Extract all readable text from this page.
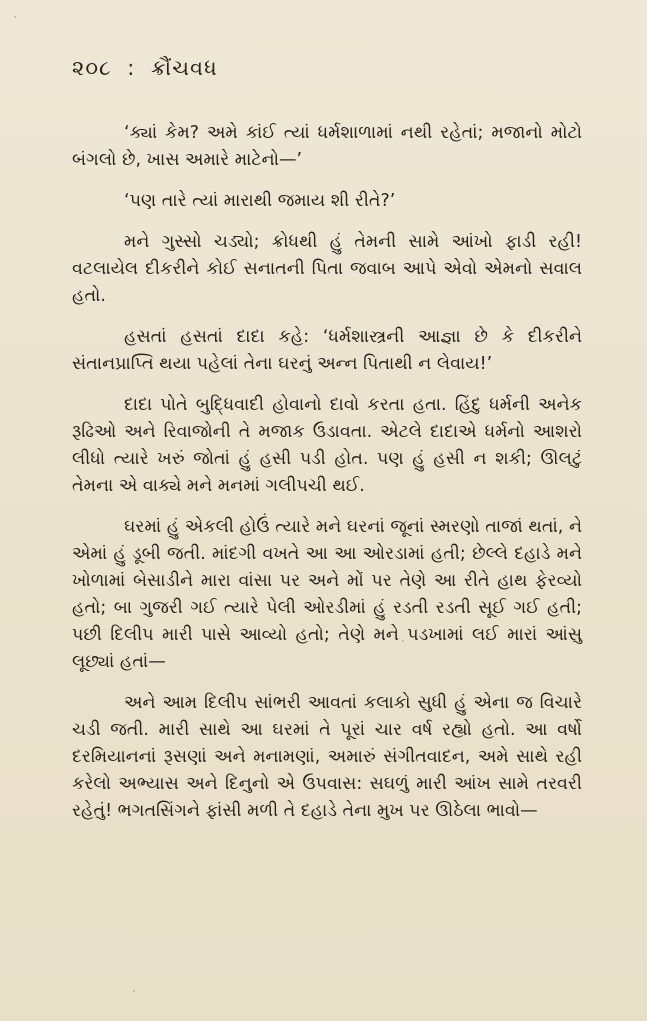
૨૦૮ : ક્રૌંચવધ

‘ક્યાં કેમ? અમે કાંઈ ત્યાં ધર્મશાળામાં નથી રહેતાં; મજાનો મોટો બંગલો છે, ખાસ અમારે માટેનો—’

‘પણ તારે ત્યાં મારાથી જમાય શી રીતે?’

મને ગુસ્સો ચડ્યો; ક્રોધથી હું તેમની સામે આંખો ફાડી રહી! વટલાયેલ દીકરીને કોઈ સનાતની પિતા જવાબ આપે એવો એમનો સવાલ હતો.

હસતાં હસતાં દાદા કહે: ‘ધર્મશાસ્ત્રની આજ્ઞા છે કે દીકરીને સંતાનપ્રાપ્તિ થયા પહેલાં તેના ઘરનું અન્ન પિતાથી ન લેવાય!’

દાદા પોતે બુદ્ધિવાદી હોવાનો દાવો કરતા હતા. હિંદુ ધર્મની અનેક રૂઢિઓ અને રિવાજોની તે મજાક ઉડાવતા. એટલે દાદાએ ધર્મનો આશરો લીધો ત્યારે ખરું જોતાં હું હસી પડી હોત. પણ હું હસી ન શકી; ઊલટું તેમના એ વાક્યે મને મનમાં ગલીપચી થઈ.

ઘરમાં હું એકલી હોઉં ત્યારે મને ઘરનાં જૂનાં સ્મરણો તાજાં થતાં, ને એમાં હું ડૂબી જતી. માંદગી વખતે આ આ ઓરડામાં હતી; છેલ્લે દહાડે મને ખોળામાં બેસાડીને મારા વાંસા પર અને મોં પર તેણે આ રીતે હાથ ફેરવ્યો હતો; બા ગુજરી ગઈ ત્યારે પેલી ઓરડીમાં હું રડતી રડતી સૂઈ ગઈ હતી; પછી દિલીપ મારી પાસે આવ્યો હતો; તેણે મને પડખામાં લઈ મારાં આંસુ લૂછ્યાં હતાં—

અને આમ દિલીપ સાંભરી આવતાં કલાકો સુધી હું એના જ વિચારે ચડી જતી. મારી સાથે આ ઘરમાં તે પૂરાં ચાર વર્ષ રહ્યો હતો. આ વર્ષો દરમિયાનનાં રૂસણાં અને મનામણાં, અમારું સંગીતવાદન, અમે સાથે રહી કરેલો અભ્યાસ અને દિનુનો એ ઉપવાસ: સઘળું મારી આંખ સામે તરવરી રહેતું! ભગતસિંગને ફાંસી મળી તે દહાડે તેના મુખ પર ઊઠેલા ભાવો—
